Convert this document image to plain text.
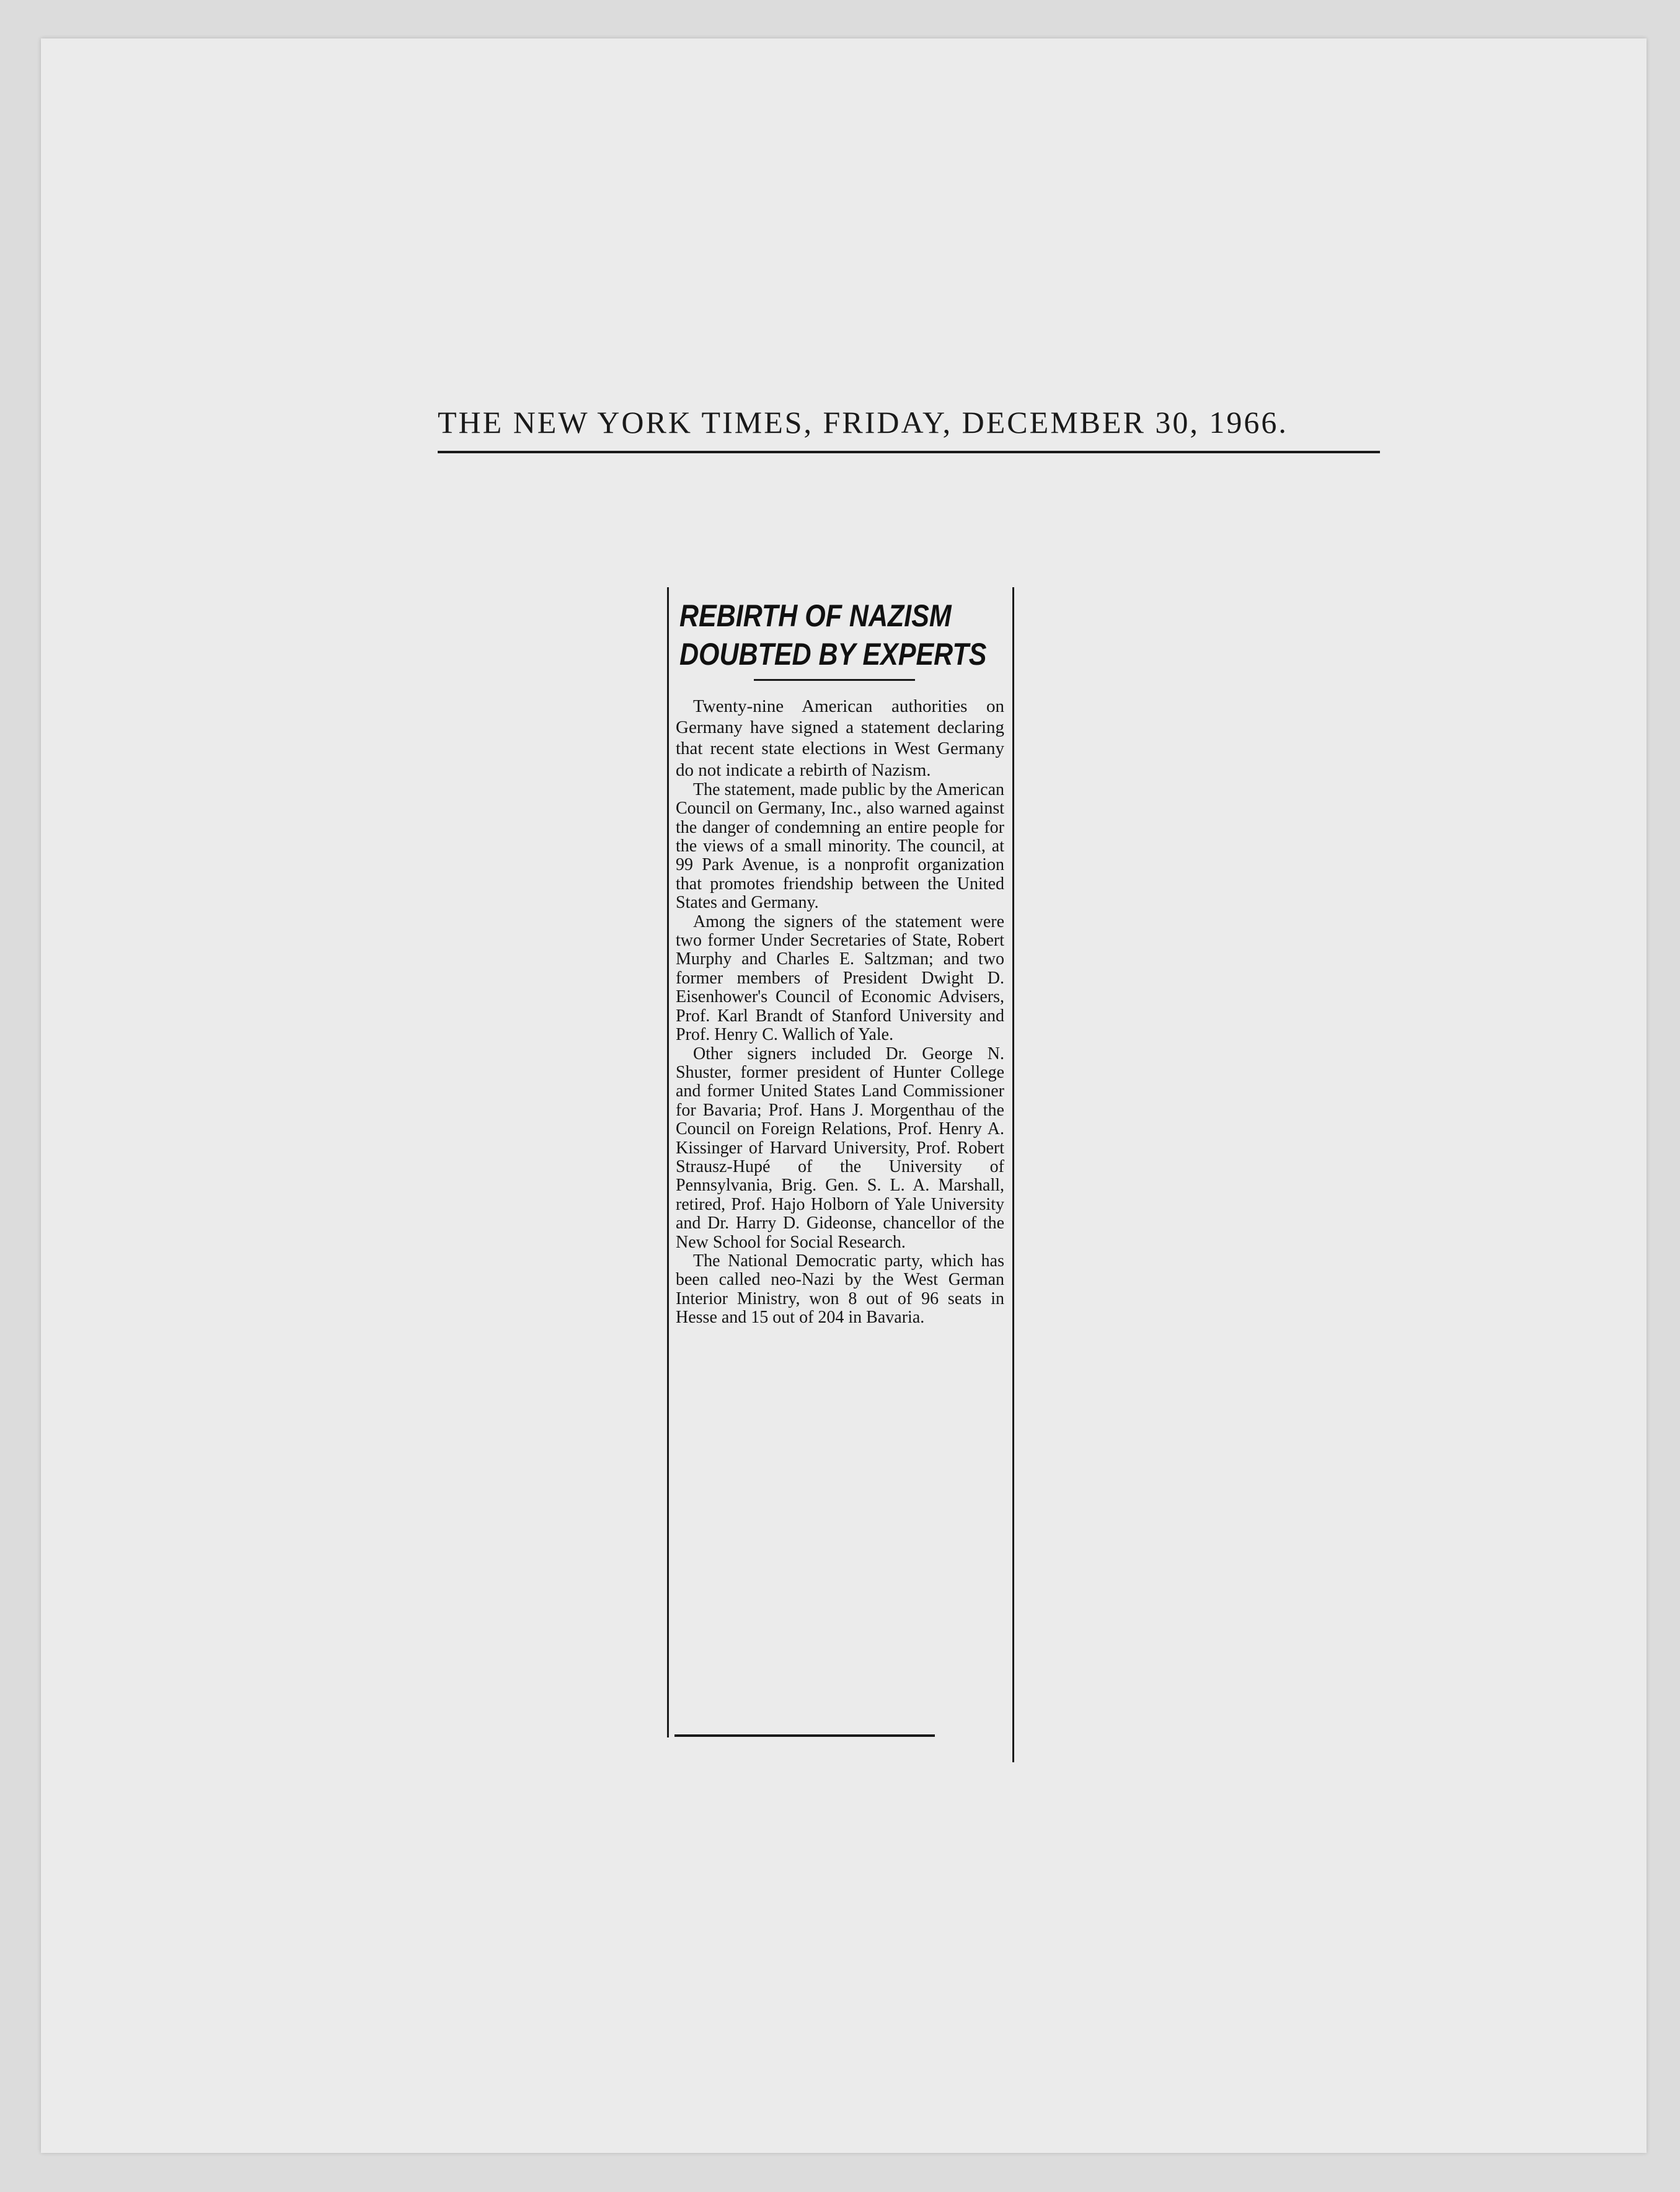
THE NEW YORK TIMES, FRIDAY, DECEMBER 30, 1966.
REBIRTH OF NAZISM
DOUBTED BY EXPERTS

Twenty-nine American authorities on Germany have signed a statement declaring that recent state elections in West Germany do not indicate a rebirth of Nazism.

The statement, made public by the American Council on Germany, Inc., also warned against the danger of condemning an entire people for the views of a small minority. The council, at 99 Park Avenue, is a nonprofit organization that promotes friendship between the United States and Germany.

Among the signers of the statement were two former Under Secretaries of State, Robert Murphy and Charles E. Saltzman; and two former members of President Dwight D. Eisenhower's Council of Economic Advisers, Prof. Karl Brandt of Stanford University and Prof. Henry C. Wallich of Yale.

Other signers included Dr. George N. Shuster, former president of Hunter College and former United States Land Commissioner for Bavaria; Prof. Hans J. Morgenthau of the Council on Foreign Relations, Prof. Henry A. Kissinger of Harvard University, Prof. Robert Strausz-Hupé of the University of Pennsylvania, Brig. Gen. S. L. A. Marshall, retired, Prof. Hajo Holborn of Yale University and Dr. Harry D. Gideonse, chancellor of the New School for Social Research.

The National Democratic party, which has been called neo-Nazi by the West German Interior Ministry, won 8 out of 96 seats in Hesse and 15 out of 204 in Bavaria.
